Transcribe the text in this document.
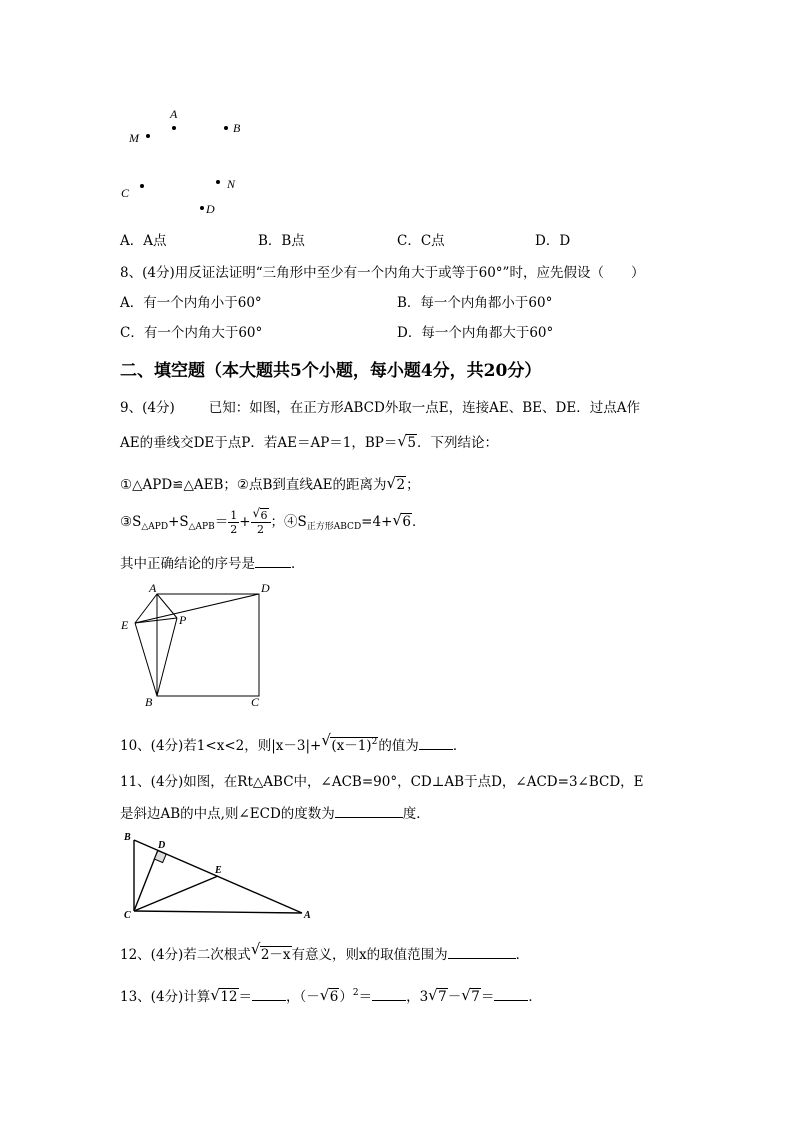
A
B
M
C
N
D
A．A点	B．B点	C．C点	D．D
8、(4分)用反证法证明“三角形中至少有一个内角大于或等于60°”时，应先假设（　　）
A．有一个内角小于60°	B．每一个内角都小于60°
C．有一个内角大于60°	D．每一个内角都大于60°
二、填空题（本大题共5个小题，每小题4分，共20分）
9、(4分)	已知：如图，在正方形ABCD外取一点E，连接AE、BE、DE．过点A作
AE的垂线交DE于点P．若AE＝AP＝1，BP＝ √ 5．下列结论：
①△APD≌△AEB；②点B到直线AE的距离为 √ 2；
$③S_{\triangle APD}+S_{\triangle APB}= \frac{1}{2} + \frac{√ 6}{2}$ ；$④S_{正方形ABCD}=4+$ √ 6．
其中正确结论的序号是	．
A	D
E	P
B	C
10、(4分)若1<x<2，则|x－3|+ √ $(x-1)^2$的值为	．
11、(4分)如图，在Rt△ABC中，∠ACB=90°，CD⊥AB于点D，∠ACD=3∠BCD，E
是斜边AB的中点,则∠ECD的度数为	度．
B
D
E
C	A
12、(4分)若二次根式 √ 2－x有意义，则x的取值范围为	．
13、(4分)计算 √ 12＝	，（－ √ 6）$^2$＝	，3 √ 7－ √ 7＝	．
